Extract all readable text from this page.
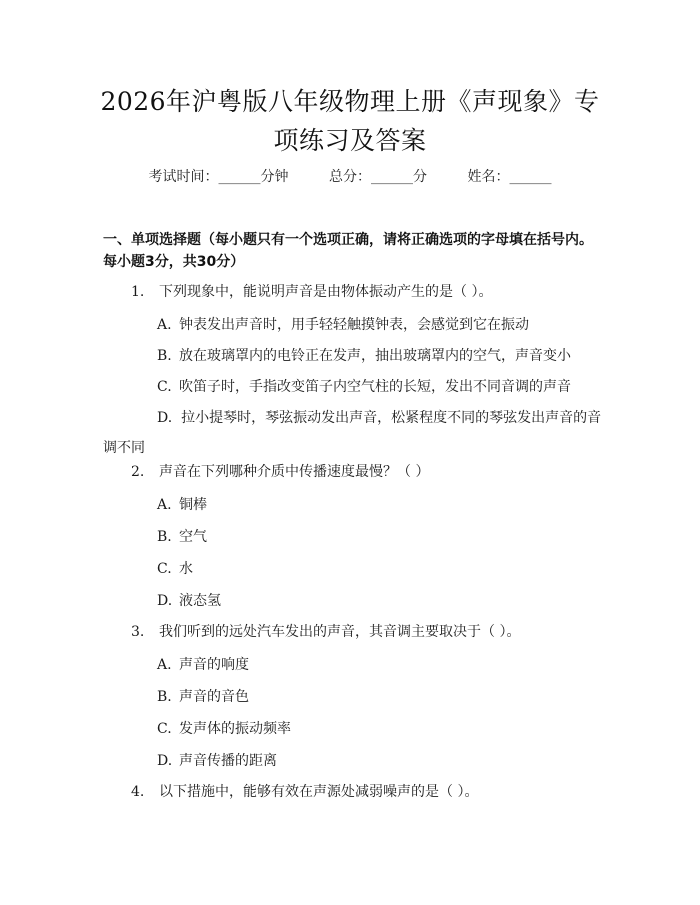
2026年沪粤版八年级物理上册《声现象》专项练习及答案
考试时间：______分钟	总分：______分	姓名：______
一、单项选择题（每小题只有一个选项正确，请将正确选项的字母填在括号内。每小题3分，共30分）
1. 下列现象中，能说明声音是由物体振动产生的是（ ）。
A. 钟表发出声音时，用手轻轻触摸钟表，会感觉到它在振动
B. 放在玻璃罩内的电铃正在发声，抽出玻璃罩内的空气，声音变小
C. 吹笛子时，手指改变笛子内空气柱的长短，发出不同音调的声音
D. 拉小提琴时，琴弦振动发出声音，松紧程度不同的琴弦发出声音的音调不同
2. 声音在下列哪种介质中传播速度最慢？（ ）
A. 铜棒
B. 空气
C. 水
D. 液态氢
3. 我们听到的远处汽车发出的声音，其音调主要取决于（ ）。
A. 声音的响度
B. 声音的音色
C. 发声体的振动频率
D. 声音传播的距离
4. 以下措施中，能够有效在声源处减弱噪声的是（ ）。
